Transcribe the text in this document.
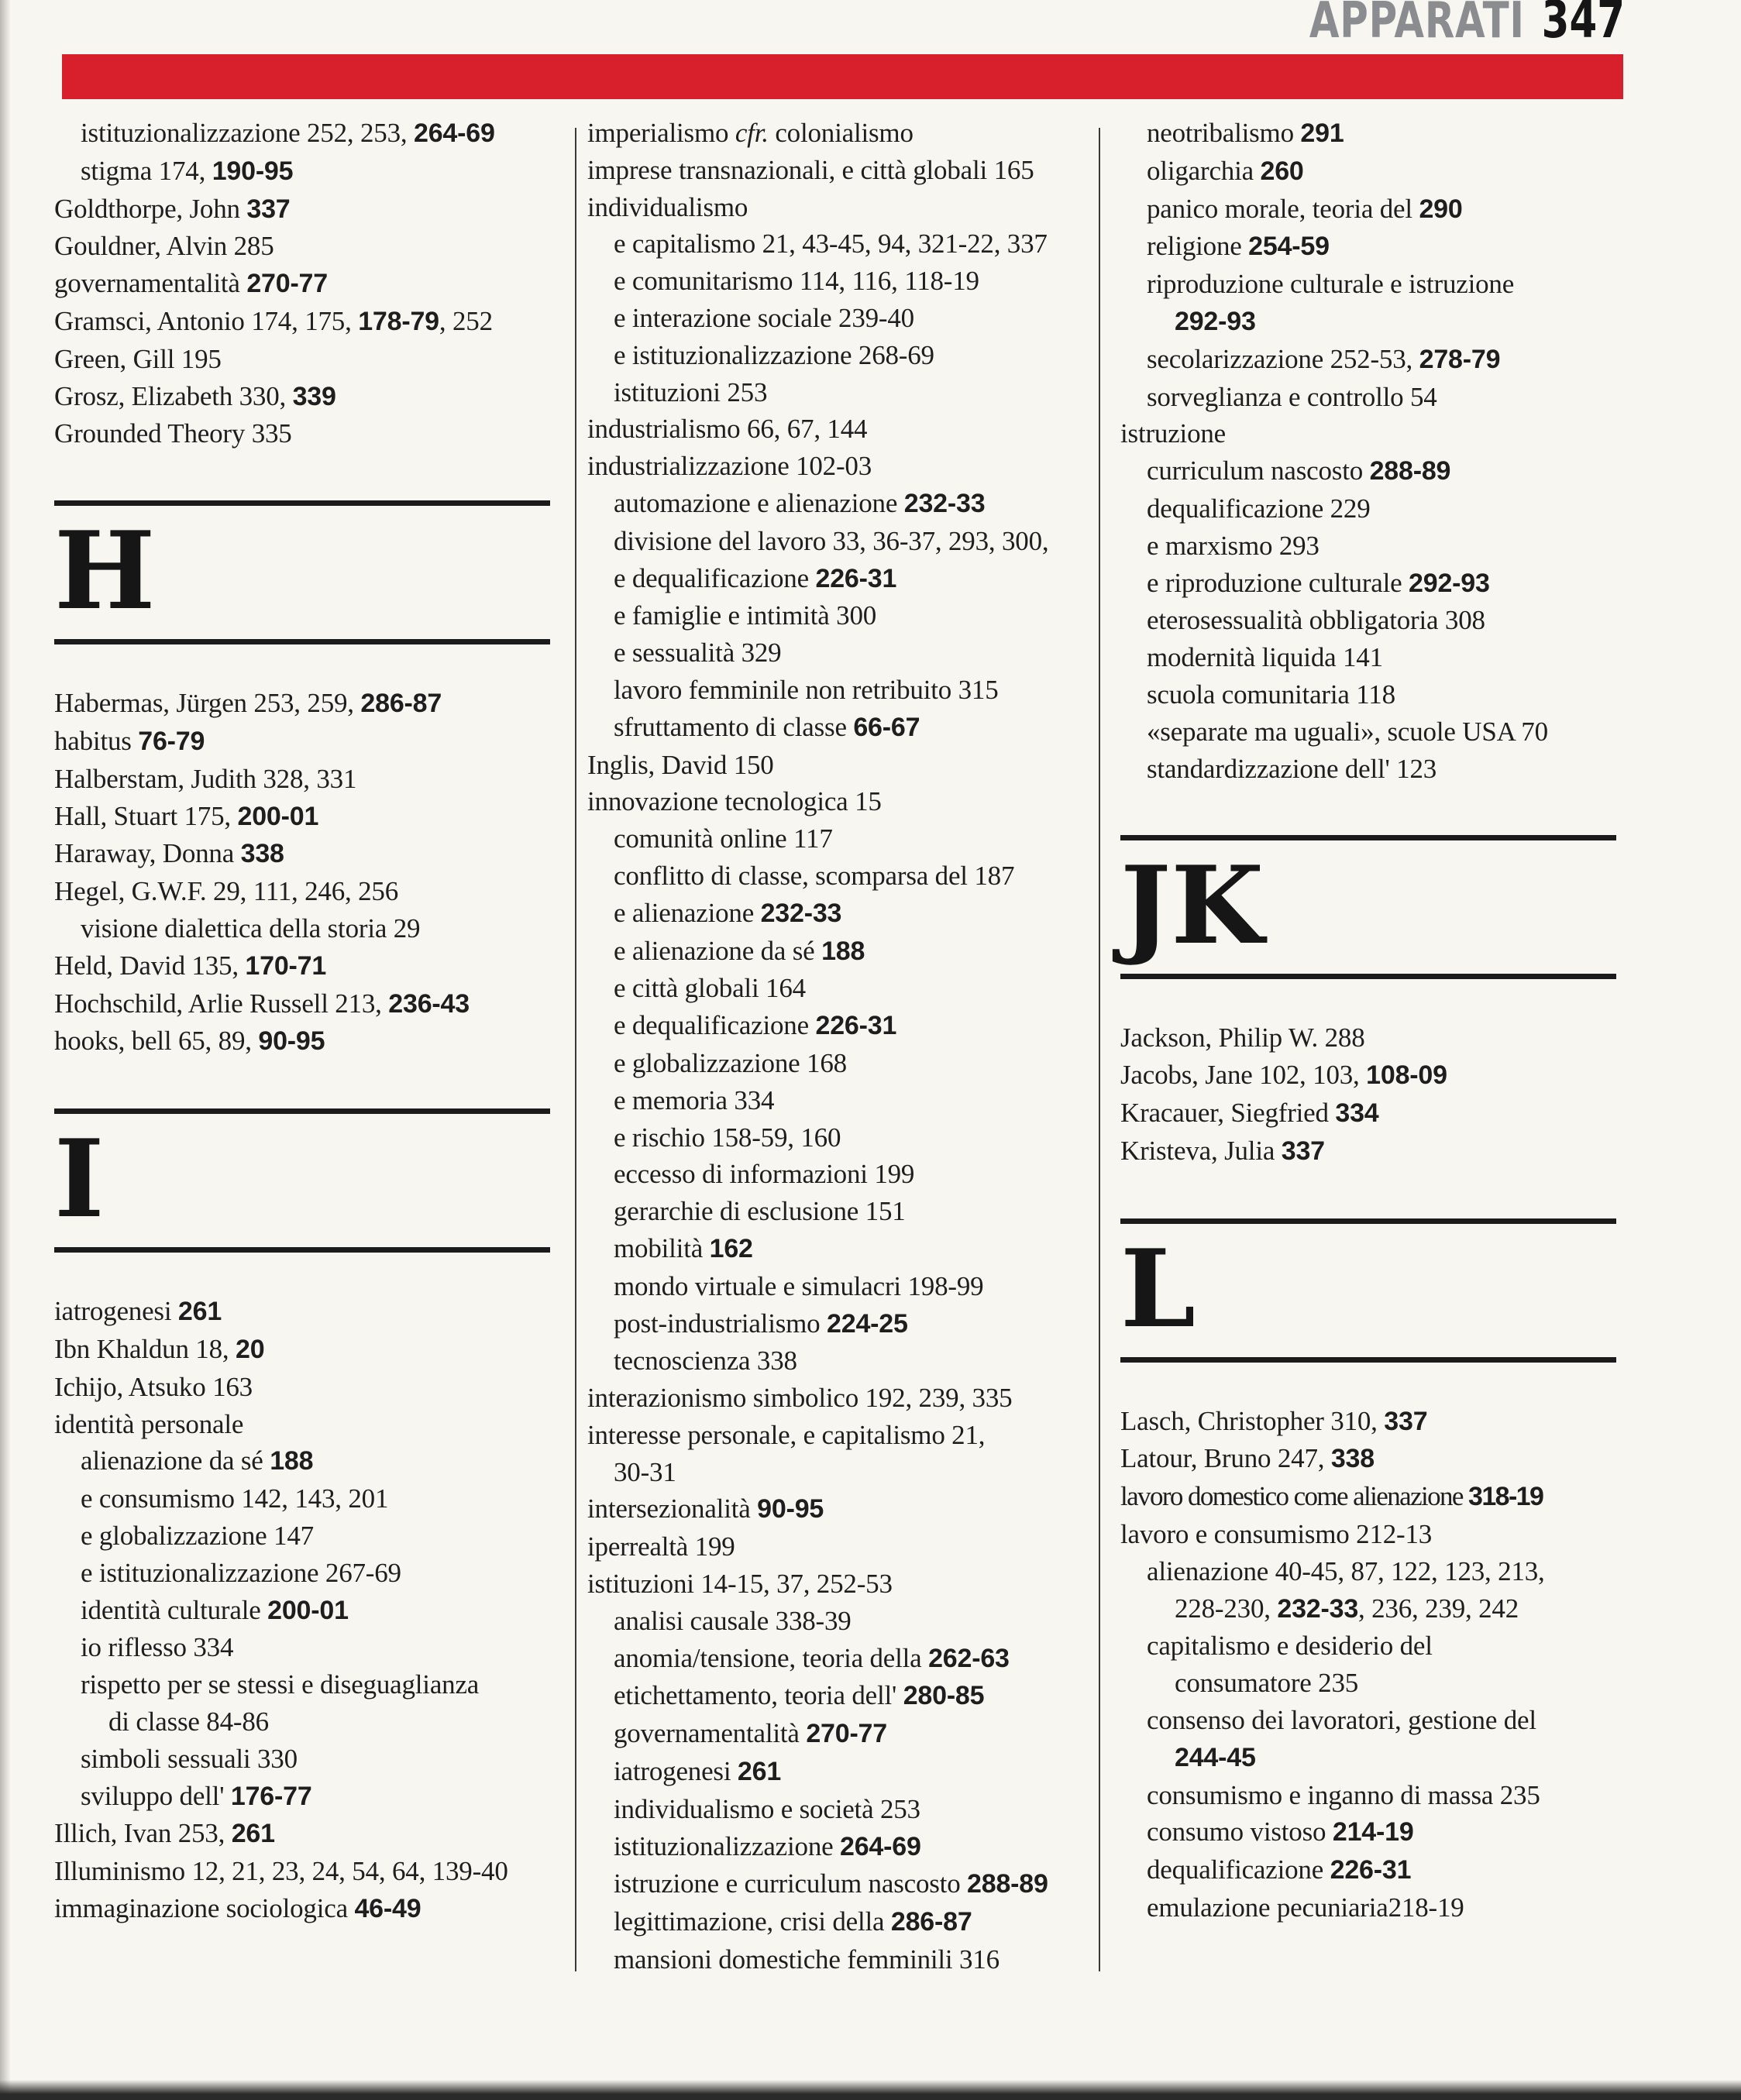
APPARATI 347
istituzionalizzazione 252, 253, 264-69
stigma 174, 190-95
Goldthorpe, John 337
Gouldner, Alvin 285
governamentalità 270-77
Gramsci, Antonio 174, 175, 178-79, 252
Green, Gill 195
Grosz, Elizabeth 330, 339
Grounded Theory 335
H
Habermas, Jürgen 253, 259, 286-87
habitus 76-79
Halberstam, Judith 328, 331
Hall, Stuart 175, 200-01
Haraway, Donna 338
Hegel, G.W.F. 29, 111, 246, 256
visione dialettica della storia 29
Held, David 135, 170-71
Hochschild, Arlie Russell 213, 236-43
hooks, bell 65, 89, 90-95
I
iatrogenesi 261
Ibn Khaldun 18, 20
Ichijo, Atsuko 163
identità personale
alienazione da sé 188
e consumismo 142, 143, 201
e globalizzazione 147
e istituzionalizzazione 267-69
identità culturale 200-01
io riflesso 334
rispetto per se stessi e diseguaglianza
di classe 84-86
simboli sessuali 330
sviluppo dell' 176-77
Illich, Ivan 253, 261
Illuminismo 12, 21, 23, 24, 54, 64, 139-40
immaginazione sociologica 46-49
imperialismo cfr. colonialismo
imprese transnazionali, e città globali 165
individualismo
e capitalismo 21, 43-45, 94, 321-22, 337
e comunitarismo 114, 116, 118-19
e interazione sociale 239-40
e istituzionalizzazione 268-69
istituzioni 253
industrialismo 66, 67, 144
industrializzazione 102-03
automazione e alienazione 232-33
divisione del lavoro 33, 36-37, 293, 300,
e dequalificazione 226-31
e famiglie e intimità 300
e sessualità 329
lavoro femminile non retribuito 315
sfruttamento di classe 66-67
Inglis, David 150
innovazione tecnologica 15
comunità online 117
conflitto di classe, scomparsa del 187
e alienazione 232-33
e alienazione da sé 188
e città globali 164
e dequalificazione 226-31
e globalizzazione 168
e memoria 334
e rischio 158-59, 160
eccesso di informazioni 199
gerarchie di esclusione 151
mobilità 162
mondo virtuale e simulacri 198-99
post-industrialismo 224-25
tecnoscienza 338
interazionismo simbolico 192, 239, 335
interesse personale, e capitalismo 21,
30-31
intersezionalità 90-95
iperrealtà 199
istituzioni 14-15, 37, 252-53
analisi causale 338-39
anomia/tensione, teoria della 262-63
etichettamento, teoria dell' 280-85
governamentalità 270-77
iatrogenesi 261
individualismo e società 253
istituzionalizzazione 264-69
istruzione e curriculum nascosto 288-89
legittimazione, crisi della 286-87
mansioni domestiche femminili 316
neotribalismo 291
oligarchia 260
panico morale, teoria del 290
religione 254-59
riproduzione culturale e istruzione
292-93
secolarizzazione 252-53, 278-79
sorveglianza e controllo 54
istruzione
curriculum nascosto 288-89
dequalificazione 229
e marxismo 293
e riproduzione culturale 292-93
eterosessualità obbligatoria 308
modernità liquida 141
scuola comunitaria 118
«separate ma uguali», scuole USA 70
standardizzazione dell' 123
JK
Jackson, Philip W. 288
Jacobs, Jane 102, 103, 108-09
Kracauer, Siegfried 334
Kristeva, Julia 337
L
Lasch, Christopher 310, 337
Latour, Bruno 247, 338
lavoro domestico come alienazione 318-19
lavoro e consumismo 212-13
alienazione 40-45, 87, 122, 123, 213,
228-230, 232-33, 236, 239, 242
capitalismo e desiderio del
consumatore 235
consenso dei lavoratori, gestione del
244-45
consumismo e inganno di massa 235
consumo vistoso 214-19
dequalificazione 226-31
emulazione pecuniaria218-19
